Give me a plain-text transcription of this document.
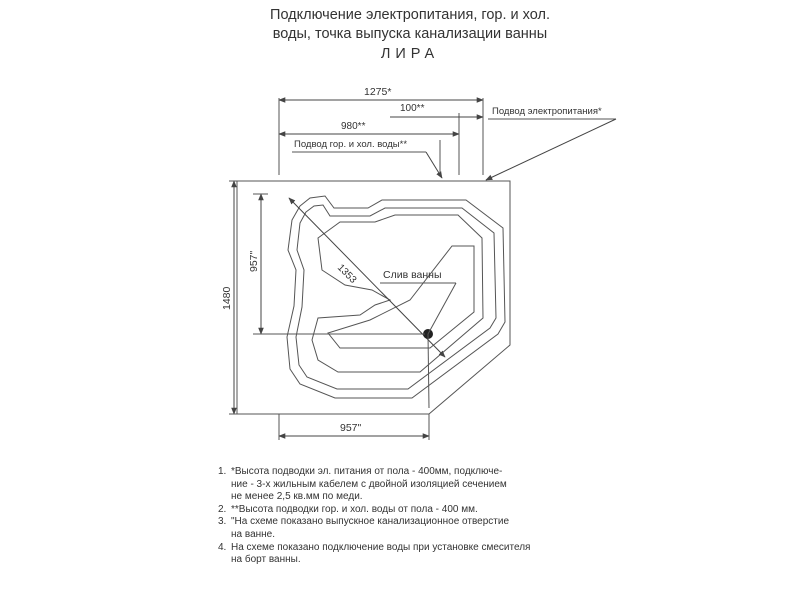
Подключение электропитания, гор. и хол.
воды, точка выпуска канализации ванны
ЛИРА
1353 Слив ванны
1275*
100**
980**
Подвод гор. и хол. воды**
Подвод электропитания*
1480
957"
957"
1. *Высота подводки эл. питания от пола - 400мм, подключе-
ние - 3-х жильным кабелем с двойной изоляцией сечением
не менее 2,5 кв.мм по меди.
2. **Высота подводки гор. и хол. воды от пола - 400 мм.
3. "На схеме показано выпускное канализационное отверстие
на ванне.
4. На схеме показано подключение воды при установке смесителя
на борт ванны.
